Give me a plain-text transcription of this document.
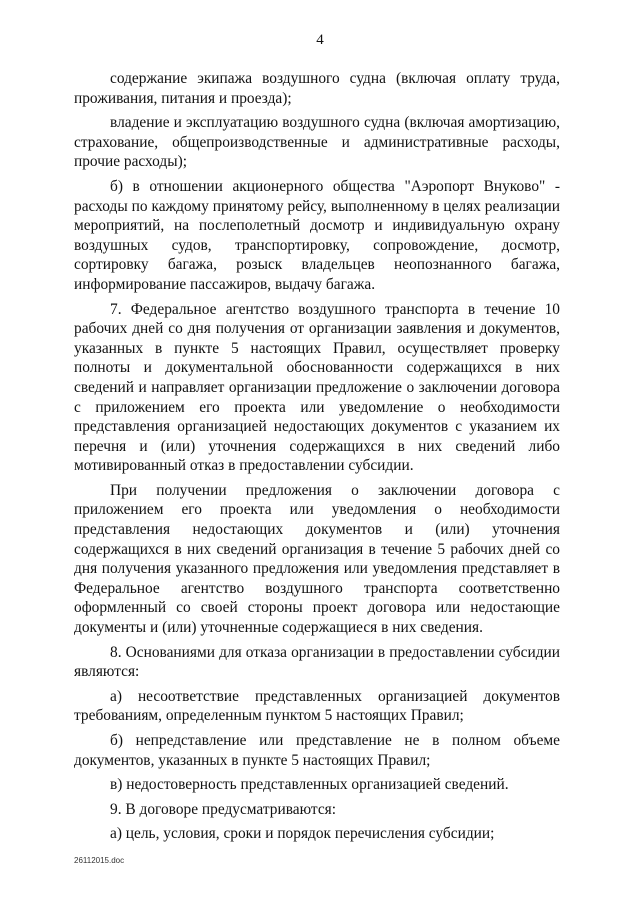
4

содержание экипажа воздушного судна (включая оплату труда, проживания, питания и проезда);

владение и эксплуатацию воздушного судна (включая амортизацию, страхование, общепроизводственные и административные расходы, прочие расходы);

б) в отношении акционерного общества "Аэропорт Внуково" - расходы по каждому принятому рейсу, выполненному в целях реализации мероприятий, на послеполетный досмотр и индивидуальную охрану воздушных судов, транспортировку, сопровождение, досмотр, сортировку багажа, розыск владельцев неопознанного багажа, информирование пассажиров, выдачу багажа.

7. Федеральное агентство воздушного транспорта в течение 10 рабочих дней со дня получения от организации заявления и документов, указанных в пункте 5 настоящих Правил, осуществляет проверку полноты и документальной обоснованности содержащихся в них сведений и направляет организации предложение о заключении договора с приложением его проекта или уведомление о необходимости представления организацией недостающих документов с указанием их перечня и (или) уточнения содержащихся в них сведений либо мотивированный отказ в предоставлении субсидии.

При получении предложения о заключении договора с приложением его проекта или уведомления о необходимости представления недостающих документов и (или) уточнения содержащихся в них сведений организация в течение 5 рабочих дней со дня получения указанного предложения или уведомления представляет в Федеральное агентство воздушного транспорта соответственно оформленный со своей стороны проект договора или недостающие документы и (или) уточненные содержащиеся в них сведения.

8. Основаниями для отказа организации в предоставлении субсидии являются:

а) несоответствие представленных организацией документов требованиям, определенным пунктом 5 настоящих Правил;

б) непредставление или представление не в полном объеме документов, указанных в пункте 5 настоящих Правил;

в) недостоверность представленных организацией сведений.

9. В договоре предусматриваются:

а) цель, условия, сроки и порядок перечисления субсидии;

26112015.doc
